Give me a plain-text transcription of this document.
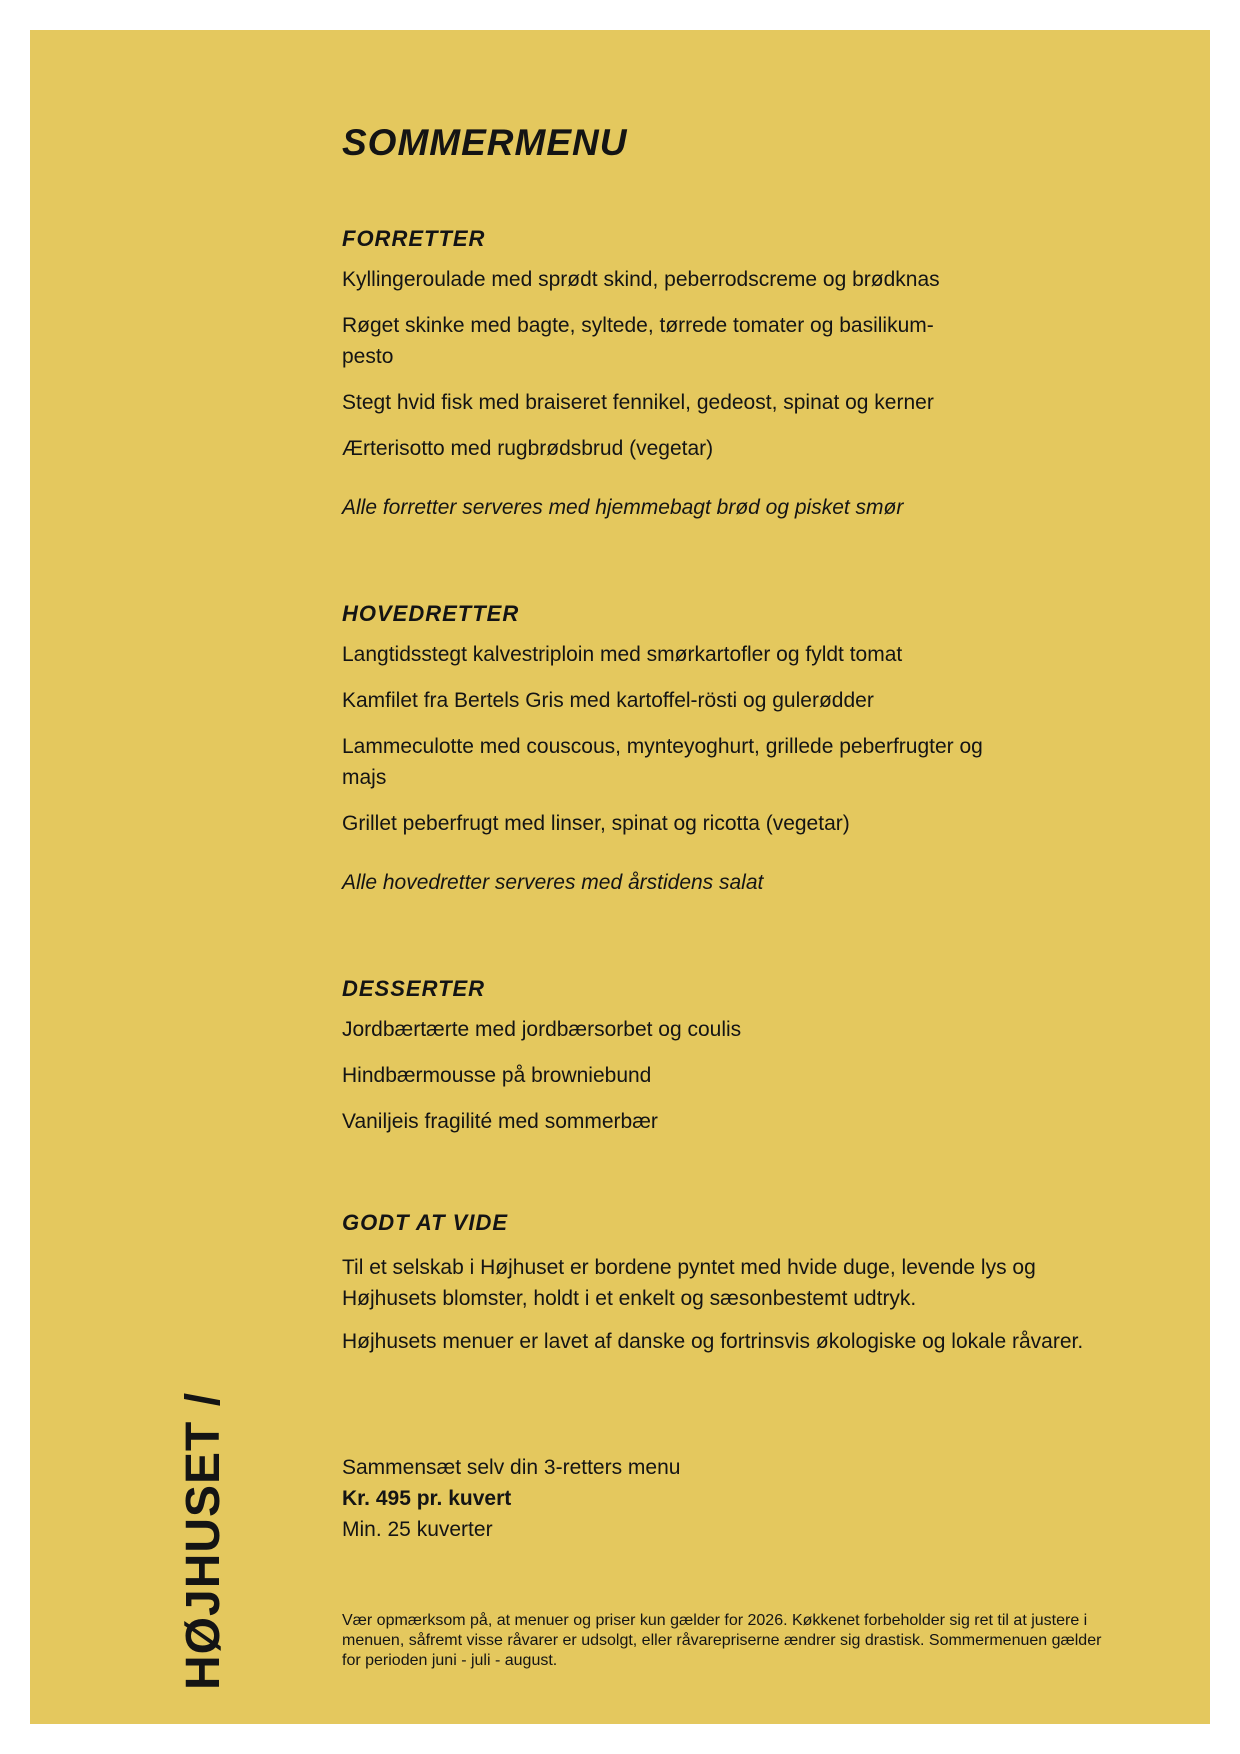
HØJHUSET /
SOMMERMENU
FORRETTER

Kyllingeroulade med sprødt skind, peberrodscreme og brødknas

Røget skinke med bagte, syltede, tørrede tomater og basilikum-pesto

Stegt hvid fisk med braiseret fennikel, gedeost, spinat og kerner

Ærterisotto med rugbrødsbrud (vegetar)

Alle forretter serveres med hjemmebagt brød og pisket smør

HOVEDRETTER

Langtidsstegt kalvestriploin med smørkartofler og fyldt tomat

Kamfilet fra Bertels Gris med kartoffel-rösti og gulerødder

Lammeculotte med couscous, mynteyoghurt, grillede peberfrugter og majs

Grillet peberfrugt med linser, spinat og ricotta (vegetar)

Alle hovedretter serveres med årstidens salat

DESSERTER

Jordbærtærte med jordbærsorbet og coulis

Hindbærmousse på browniebund

Vaniljeis fragilité med sommerbær

GODT AT VIDE

Til et selskab i Højhuset er bordene pyntet med hvide duge, levende lys og Højhusets blomster, holdt i et enkelt og sæsonbestemt udtryk.

Højhusets menuer er lavet af danske og fortrinsvis økologiske og lokale råvarer.

Sammensæt selv din 3-retters menu
Kr. 495 pr. kuvert
Min. 25 kuverter

Vær opmærksom på, at menuer og priser kun gælder for 2026. Køkkenet forbeholder sig ret til at justere i menuen, såfremt visse råvarer er udsolgt, eller råvarepriserne ændrer sig drastisk. Sommermenuen gælder for perioden juni - juli - august.
